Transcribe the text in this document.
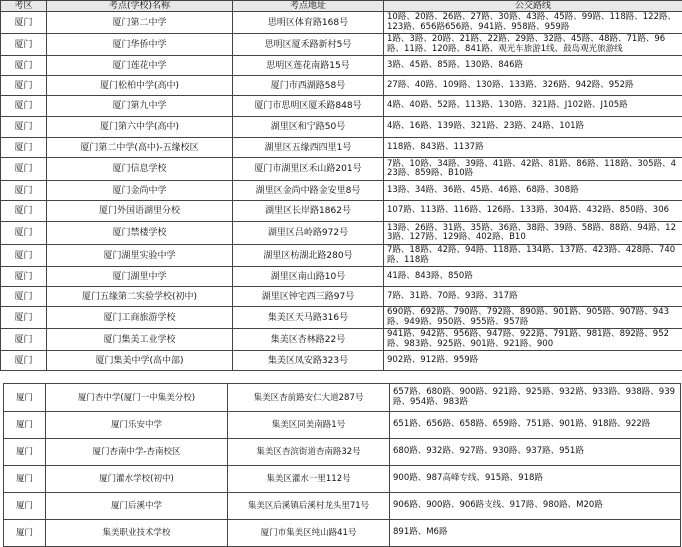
考区	考点(学校)名称	考点地址	公交路线
厦门	厦门第二中学	思明区体育路168号	10路、20路、26路、27路、30路、43路、45路、99路、118路、122路、123路、656路656路、941路、958路、959路
厦门	厦门华侨中学	思明区厦禾路新村5号	1路、3路、20路、21路、22路、29路、32路、45路、48路、71路、96路、11路、120路、841路、观光车旅游1线、鼓岛观光旅游线
厦门	厦门莲花中学	思明区莲花南路15号	3路、45路、85路、130路、846路
厦门	厦门松柏中学(高中)	厦门市西湖路58号	27路、40路、109路、130路、133路、326路、942路、952路
厦门	厦门第九中学	厦门市思明区厦禾路848号	4路、40路、52路、113路、130路、321路、J102路、J105路
厦门	厦门第六中学(高中)	湖里区和宁路50号	4路、16路、139路、321路、23路、24路、101路
厦门	厦门第二中学(高中)-五缘校区	湖里区五缘西四里1号	118路、843路、1137路
厦门	厦门信息学校	厦门市湖里区禾山路201号	7路、10路、34路、39路、41路、42路、81路、86路、118路、305路、423路、859路、B10路
厦门	厦门金尚中学	湖里区金尚中路金安里8号	13路、34路、36路、45路、46路、68路、308路
厦门	厦门外国语湖里分校	湖里区长岸路1862号	107路、113路、116路、126路、133路、304路、432路、850路、306
厦门	厦门禁楼学校	湖里区吕岭路972号	13路、26路、31路、35路、36路、38路、39路、58路、88路、94路、123路、127路、129路、402路、B10
厦门	厦门湖里实验中学	湖里区枋湖北路280号	7路、18路、42路、94路、118路、134路、137路、423路、428路、740路、118路
厦门	厦门湖里中学	湖里区南山路10号	41路、843路、850路
厦门	厦门五缘第二实验学校(初中)	湖里区钟宅西三路97号	7路、31路、70路、93路、317路
厦门	厦门工商旅游学校	集美区天马路316号	690路、692路、790路、792路、890路、901路、905路、907路、943路、949路、950路、955路、957路
厦门	厦门集美工业学校	集美区杏林路22号	941路、942路、956路、947路、922路、791路、981路、892路、952路、983路、925路、901路、921路、900
厦门	厦门集美中学(高中部)	集美区凤安路323号	902路、912路、959路
厦门	厦门杏中学(厦门一中集美分校)	集美区杏前路安仁大道287号	657路、680路、900路、921路、925路、932路、933路、938路、939路、954路、983路
厦门	厦门乐安中学	集美区同美南路1号	651路、656路、658路、659路、751路、901路、918路、922路
厦门	厦门杏南中学-杏南校区	集美区杏滨街道杏南路32号	680路、932路、927路、930路、937路、951路
厦门	厦门灌水学校(初中)	集美区灌水一里112号	900路、987高峰专线、915路、918路
厦门	厦门后溪中学	集美区后溪镇后溪村龙头里71号	906路、900路、906路支线、917路、980路、M20路
厦门	集美职业技术学校	厦门市集美区纯山路41号	891路、M6路
